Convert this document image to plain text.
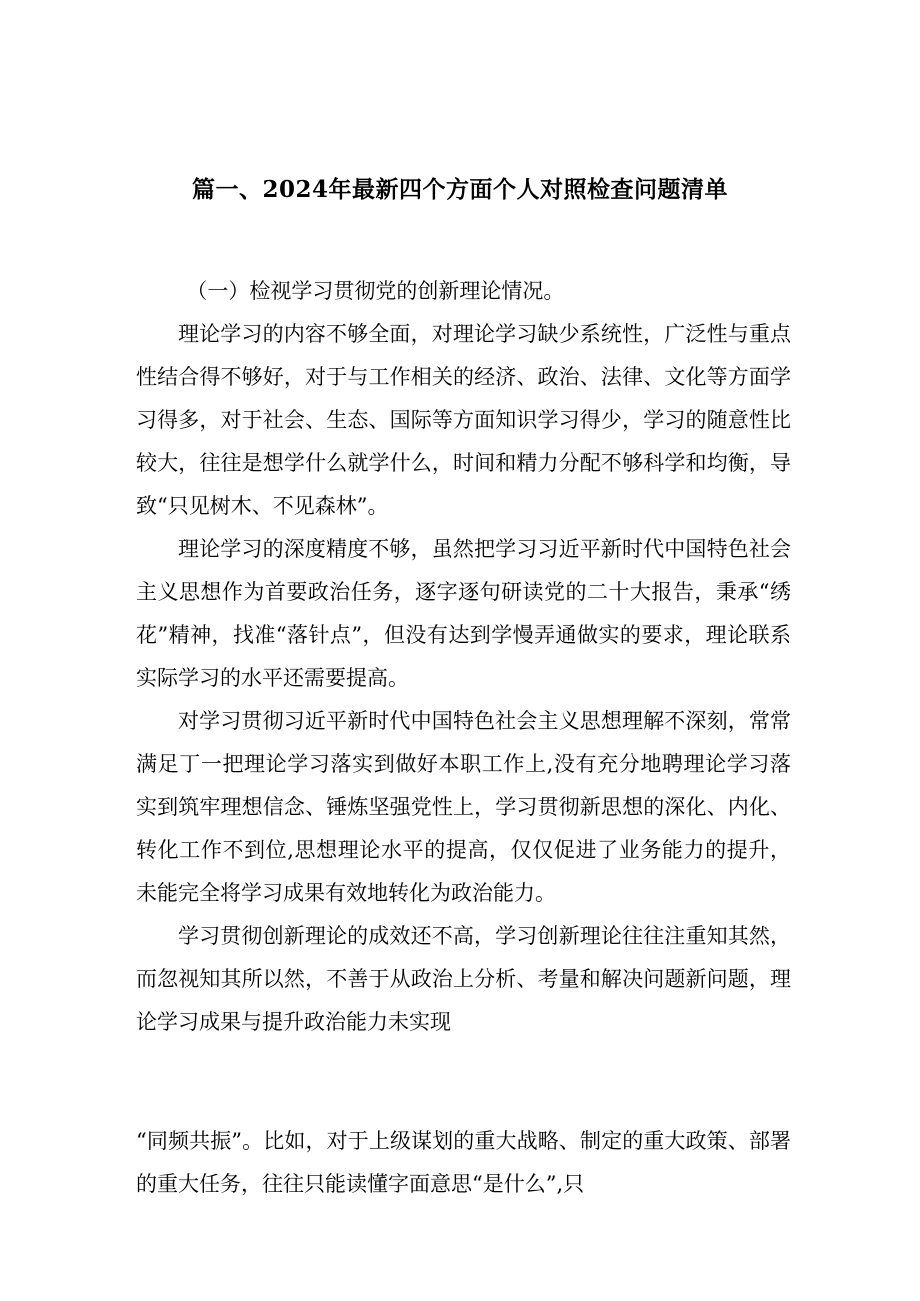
篇一、2024年最新四个方面个人对照检查问题清单

（一）检视学习贯彻党的创新理论情况。

理论学习的内容不够全面，对理论学习缺少系统性，广泛性与重点性结合得不够好，对于与工作相关的经济、政治、法律、文化等方面学习得多，对于社会、生态、国际等方面知识学习得少，学习的随意性比较大，往往是想学什么就学什么，时间和精力分配不够科学和均衡，导致“只见树木、不见森林”。

理论学习的深度精度不够，虽然把学习习近平新时代中国特色社会主义思想作为首要政治任务，逐字逐句研读党的二十大报告，秉承“绣花”精神，找准“落针点”，但没有达到学慢弄通做实的要求，理论联系实际学习的水平还需要提高。

对学习贯彻习近平新时代中国特色社会主义思想理解不深刻，常常满足丁一把理论学习落实到做好本职工作上,没有充分地聘理论学习落实到筑牢理想信念、锤炼坚强党性上，学习贯彻新思想的深化、内化、转化工作不到位,思想理论水平的提高，仅仅促进了业务能力的提升，未能完全将学习成果有效地转化为政治能力。

学习贯彻创新理论的成效还不高，学习创新理论往往注重知其然，而忽视知其所以然，不善于从政治上分析、考量和解决问题新问题，理论学习成果与提升政治能力未实现

“同频共振”。比如，对于上级谋划的重大战略、制定的重大政策、部署的重大任务，往往只能读懂字面意思“是什么”,只
